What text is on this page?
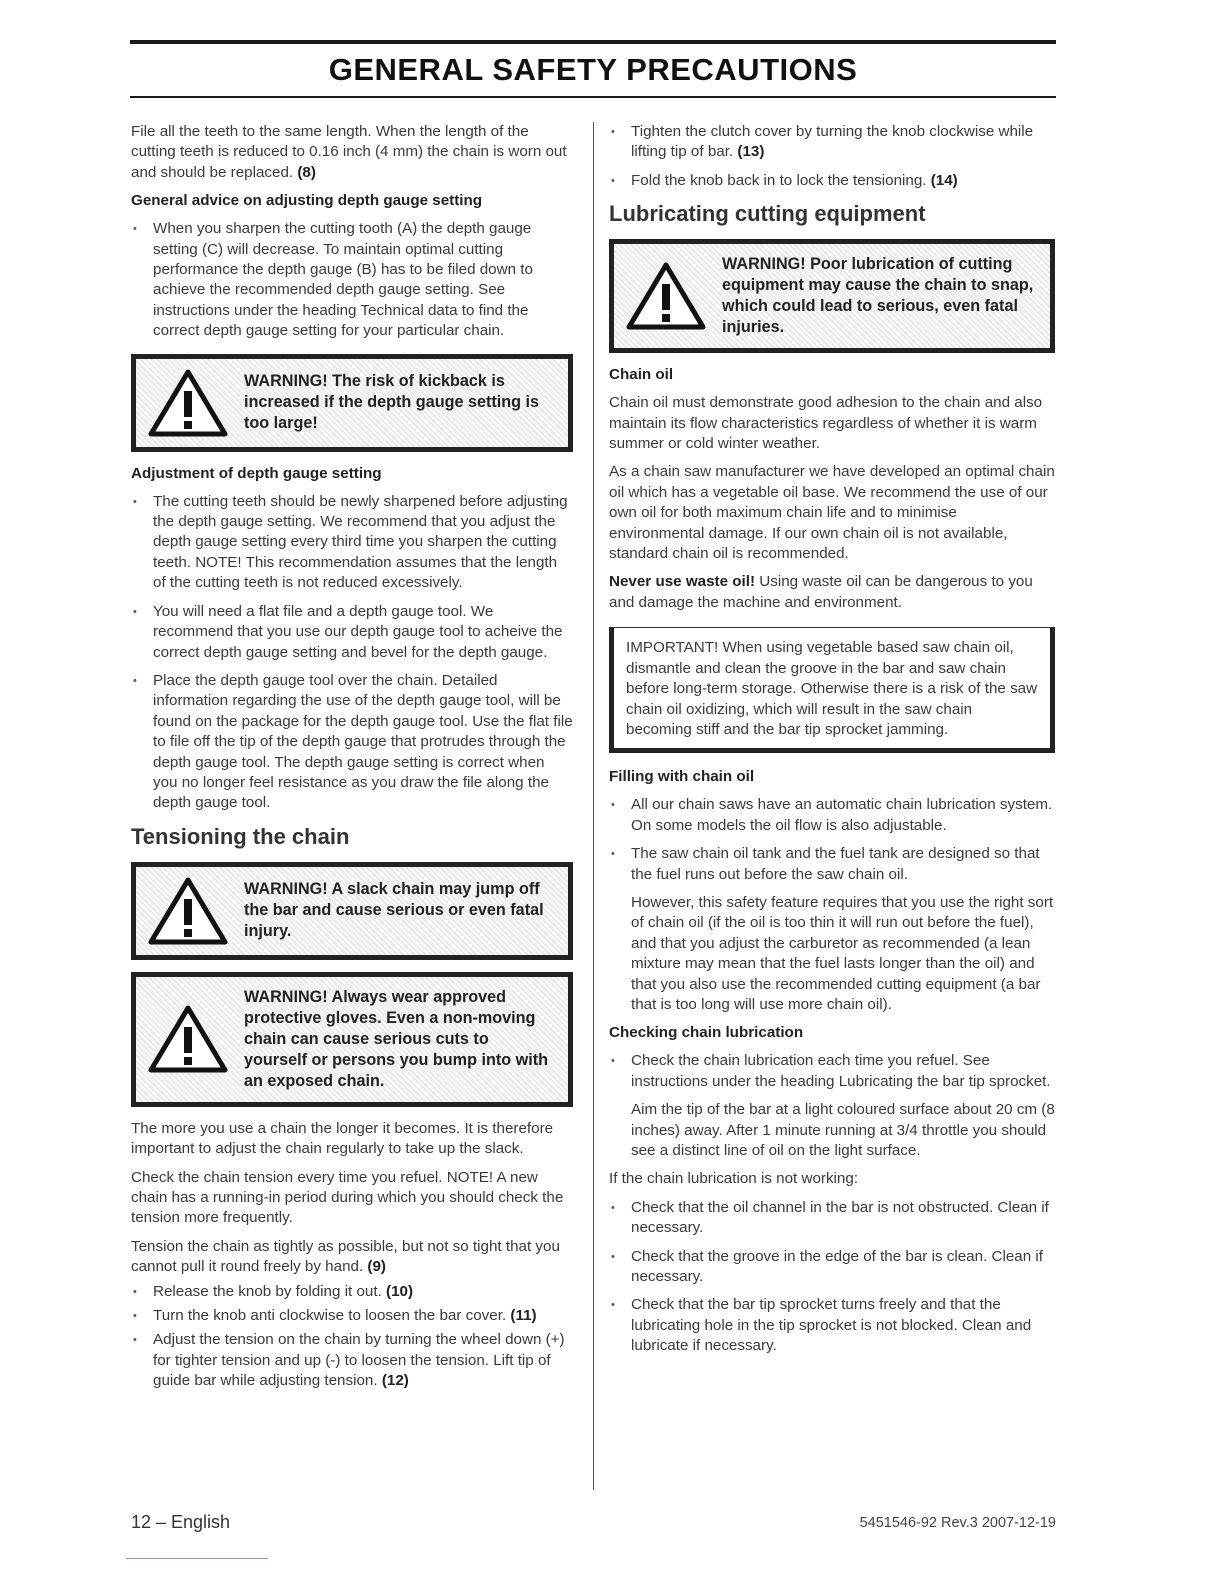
GENERAL SAFETY PRECAUTIONS

File all the teeth to the same length. When the length of the cutting teeth is reduced to 0.16 inch (4 mm) the chain is worn out and should be replaced. (8)

General advice on adjusting depth gauge setting
• When you sharpen the cutting tooth (A) the depth gauge setting (C) will decrease. To maintain optimal cutting performance the depth gauge (B) has to be filed down to achieve the recommended depth gauge setting. See instructions under the heading Technical data to find the correct depth gauge setting for your particular chain.
WARNING! The risk of kickback is increased if the depth gauge setting is too large!
Adjustment of depth gauge setting
• The cutting teeth should be newly sharpened before adjusting the depth gauge setting. We recommend that you adjust the depth gauge setting every third time you sharpen the cutting teeth. NOTE! This recommendation assumes that the length of the cutting teeth is not reduced excessively.
• You will need a flat file and a depth gauge tool. We recommend that you use our depth gauge tool to acheive the correct depth gauge setting and bevel for the depth gauge.
• Place the depth gauge tool over the chain. Detailed information regarding the use of the depth gauge tool, will be found on the package for the depth gauge tool. Use the flat file to file off the tip of the depth gauge that protrudes through the depth gauge tool. The depth gauge setting is correct when you no longer feel resistance as you draw the file along the depth gauge tool.
Tensioning the chain
WARNING! A slack chain may jump off the bar and cause serious or even fatal injury.
WARNING! Always wear approved protective gloves. Even a non-moving chain can cause serious cuts to yourself or persons you bump into with an exposed chain.

The more you use a chain the longer it becomes. It is therefore important to adjust the chain regularly to take up the slack.

Check the chain tension every time you refuel. NOTE! A new chain has a running-in period during which you should check the tension more frequently.

Tension the chain as tightly as possible, but not so tight that you cannot pull it round freely by hand. (9)

• Release the knob by folding it out. (10)
• Turn the knob anti clockwise to loosen the bar cover. (11)
• Adjust the tension on the chain by turning the wheel down (+) for tighter tension and up (-) to loosen the tension. Lift tip of guide bar while adjusting tension. (12)
• Tighten the clutch cover by turning the knob clockwise while lifting tip of bar. (13)
• Fold the knob back in to lock the tensioning. (14)
Lubricating cutting equipment
WARNING! Poor lubrication of cutting equipment may cause the chain to snap, which could lead to serious, even fatal injuries.
Chain oil

Chain oil must demonstrate good adhesion to the chain and also maintain its flow characteristics regardless of whether it is warm summer or cold winter weather.

As a chain saw manufacturer we have developed an optimal chain oil which has a vegetable oil base. We recommend the use of our own oil for both maximum chain life and to minimise environmental damage. If our own chain oil is not available, standard chain oil is recommended.

Never use waste oil! Using waste oil can be dangerous to you and damage the machine and environment.

IMPORTANT! When using vegetable based saw chain oil, dismantle and clean the groove in the bar and saw chain before long-term storage. Otherwise there is a risk of the saw chain oil oxidizing, which will result in the saw chain becoming stiff and the bar tip sprocket jamming.
Filling with chain oil
• All our chain saws have an automatic chain lubrication system. On some models the oil flow is also adjustable.
• The saw chain oil tank and the fuel tank are designed so that the fuel runs out before the saw chain oil.

However, this safety feature requires that you use the right sort of chain oil (if the oil is too thin it will run out before the fuel), and that you adjust the carburetor as recommended (a lean mixture may mean that the fuel lasts longer than the oil) and that you also use the recommended cutting equipment (a bar that is too long will use more chain oil).

Checking chain lubrication
• Check the chain lubrication each time you refuel. See instructions under the heading Lubricating the bar tip sprocket.

Aim the tip of the bar at a light coloured surface about 20 cm (8 inches) away. After 1 minute running at 3/4 throttle you should see a distinct line of oil on the light surface.

If the chain lubrication is not working:

• Check that the oil channel in the bar is not obstructed. Clean if necessary.
• Check that the groove in the edge of the bar is clean. Clean if necessary.
• Check that the bar tip sprocket turns freely and that the lubricating hole in the tip sprocket is not blocked. Clean and lubricate if necessary.
12 – English	5451546-92 Rev.3 2007-12-19
